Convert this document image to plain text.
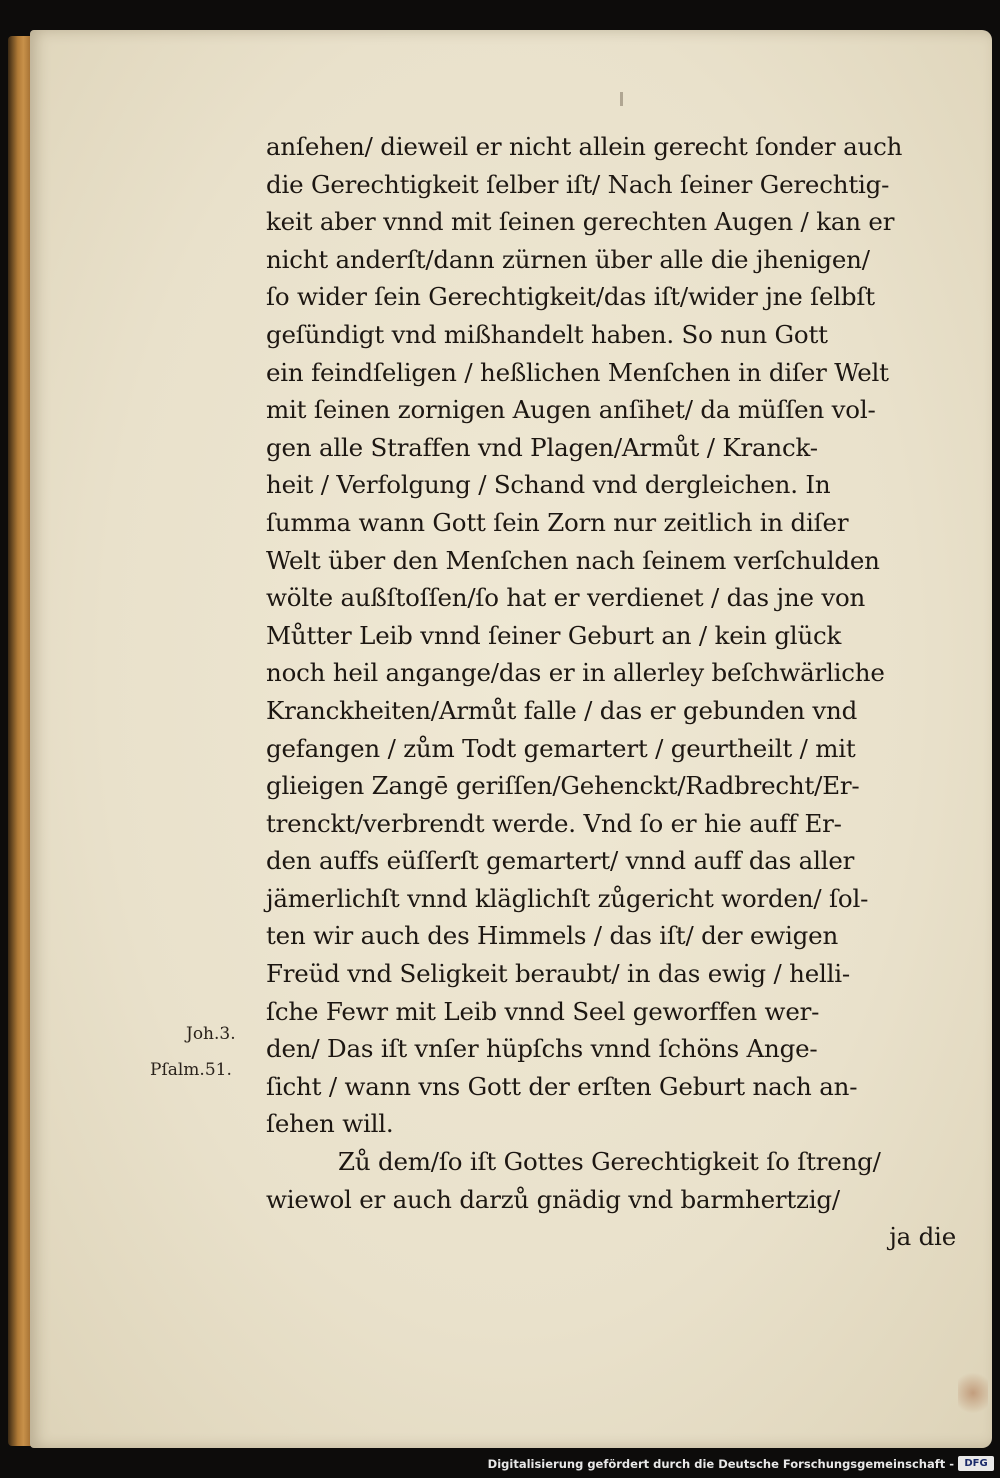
anſehen/ dieweil er nicht allein gerecht ſonder auch
die Gerechtigkeit ſelber iſt/ Nach ſeiner Gerechtig-
keit aber vnnd mit ſeinen gerechten Augen / kan er
nicht anderſt/dann zürnen über alle die jhenigen/
ſo wider ſein Gerechtigkeit/das iſt/wider jne ſelbſt
geſündigt vnd mißhandelt haben. So nun Gott
ein feindſeligen / heßlichen Menſchen in diſer Welt
mit ſeinen zornigen Augen anſihet/ da müſſen vol-
gen alle Straffen vnd Plagen/Armůt / Kranck-
heit / Verfolgung / Schand vnd dergleichen. In
ſumma wann Gott ſein Zorn nur zeitlich in diſer
Welt über den Menſchen nach ſeinem verſchulden
wölte außſtoſſen/ſo hat er verdienet / das jne von
Můtter Leib vnnd ſeiner Geburt an / kein glück
noch heil angange/das er in allerley beſchwärliche
Kranckheiten/Armůt falle / das er gebunden vnd
gefangen / zům Todt gemartert / geurtheilt / mit
glieigen Zangē geriſſen/Gehenckt/Radbrecht/Er-
trenckt/verbrendt werde. Vnd ſo er hie auff Er-
den auffs eüſſerſt gemartert/ vnnd auff das aller
jämerlichſt vnnd kläglichſt zůgericht worden/ ſol-
ten wir auch des Himmels / das iſt/ der ewigen
Freüd vnd Seligkeit beraubt/ in das ewig / helli-
ſche Fewr mit Leib vnnd Seel geworffen wer-
den/ Das iſt vnſer hüpſchs vnnd ſchöns Ange-
ſicht / wann vns Gott der erſten Geburt nach an-
ſehen will.
Zů dem/ſo iſt Gottes Gerechtigkeit ſo ſtreng/
wiewol er auch darzů gnädig vnd barmhertzig/
ja die
Joh.3.
Pſalm.51.
Digitalisierung gefördert durch die Deutsche Forschungsgemeinschaft -	DFG
